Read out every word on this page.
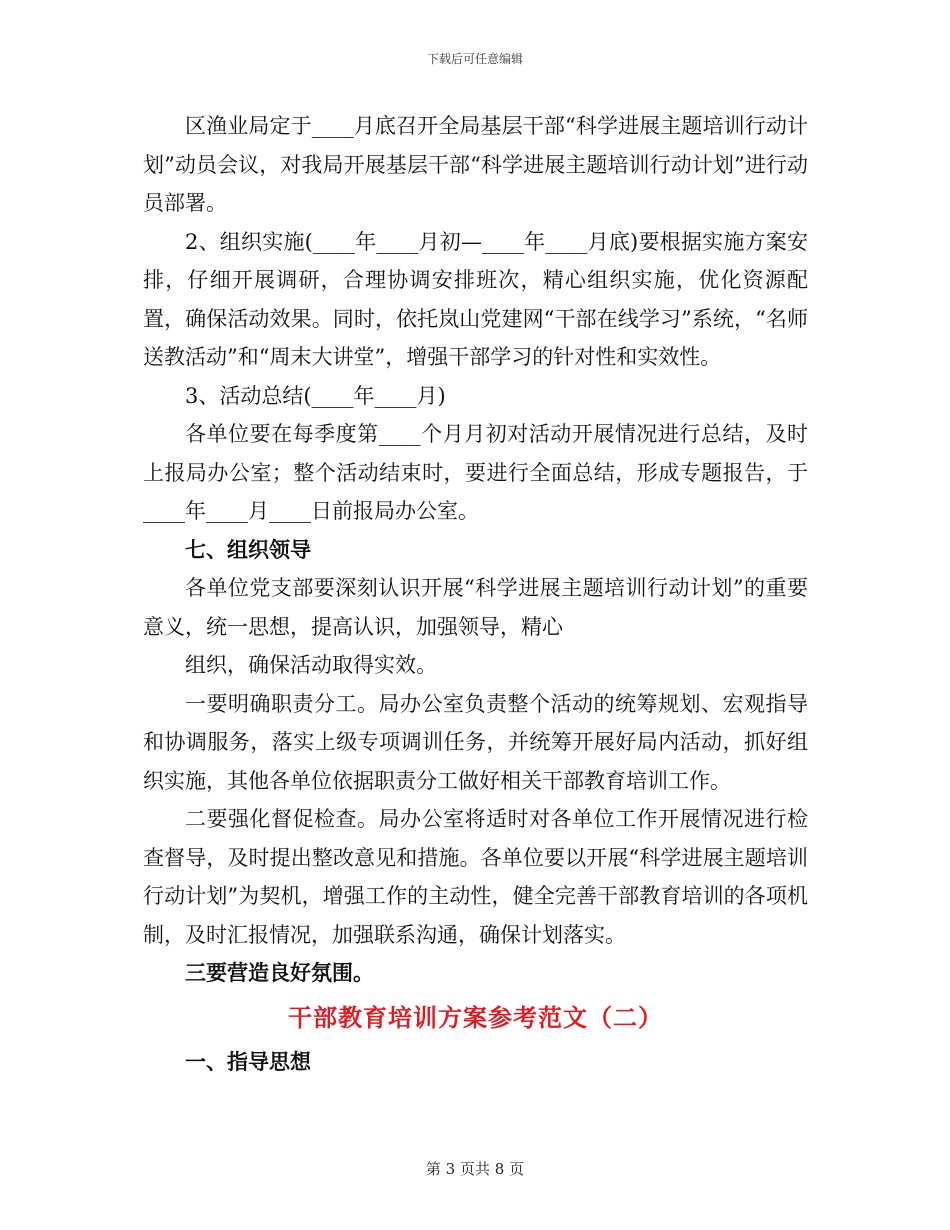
下载后可任意编辑
区渔业局定于____月底召开全局基层干部“科学进展主题培训行动计划”动员会议，对我局开展基层干部“科学进展主题培训行动计划”进行动员部署。
2、组织实施(____年____月初—____年____月底)要根据实施方案安排，仔细开展调研，合理协调安排班次，精心组织实施，优化资源配置，确保活动效果。同时，依托岚山党建网“干部在线学习”系统，“名师送教活动”和“周末大讲堂”，增强干部学习的针对性和实效性。
3、活动总结(____年____月)
各单位要在每季度第____个月月初对活动开展情况进行总结，及时上报局办公室；整个活动结束时，要进行全面总结，形成专题报告，于____年____月____日前报局办公室。
七、组织领导
各单位党支部要深刻认识开展“科学进展主题培训行动计划”的重要意义，统一思想，提高认识，加强领导，精心
组织，确保活动取得实效。
一要明确职责分工。局办公室负责整个活动的统筹规划、宏观指导和协调服务，落实上级专项调训任务，并统筹开展好局内活动，抓好组织实施，其他各单位依据职责分工做好相关干部教育培训工作。
二要强化督促检查。局办公室将适时对各单位工作开展情况进行检查督导，及时提出整改意见和措施。各单位要以开展“科学进展主题培训行动计划”为契机，增强工作的主动性，健全完善干部教育培训的各项机制，及时汇报情况，加强联系沟通，确保计划落实。
三要营造良好氛围。
干部教育培训方案参考范文（二）
一、指导思想
第 3 页共 8 页
